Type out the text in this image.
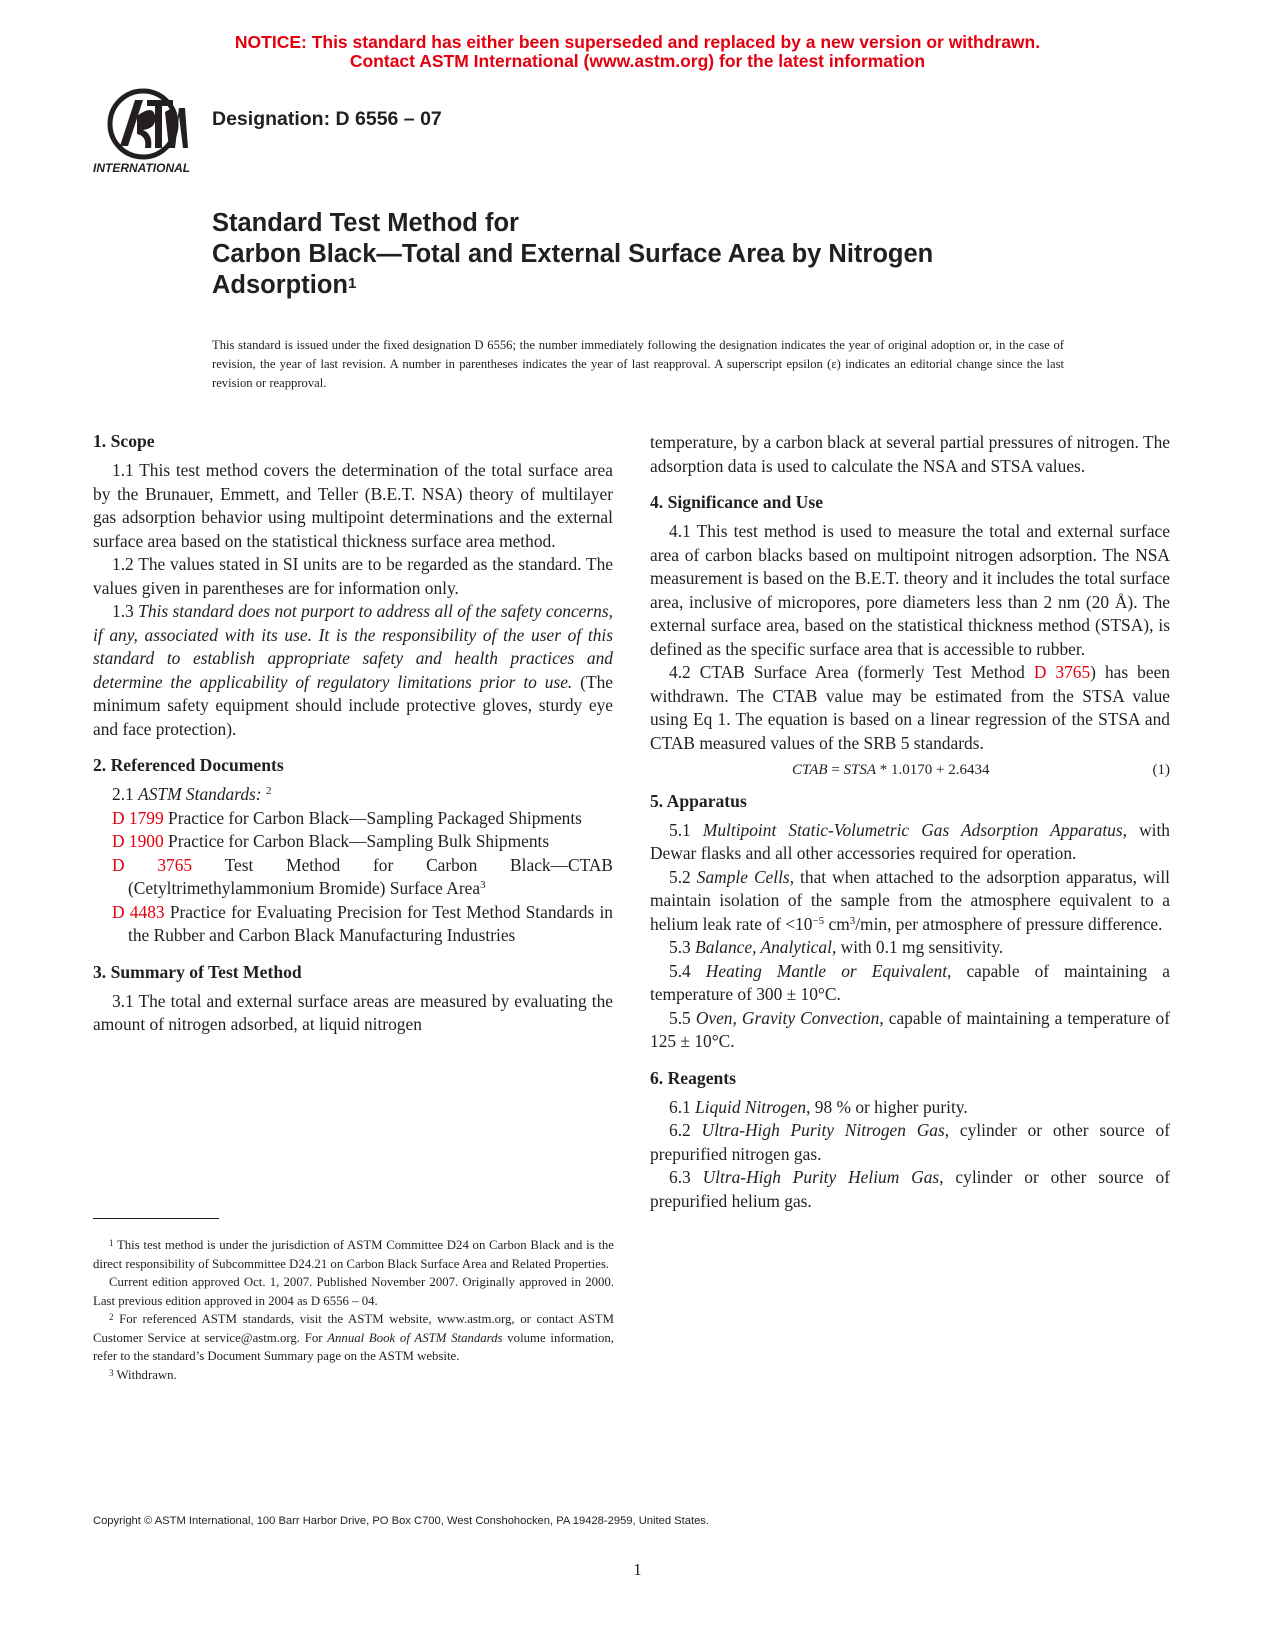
NOTICE: This standard has either been superseded and replaced by a new version or withdrawn.
Contact ASTM International (www.astm.org) for the latest information
INTERNATIONAL
Designation: D 6556 – 07
Standard Test Method for
Carbon Black—Total and External Surface Area by Nitrogen
Adsorption$^1$
This standard is issued under the fixed designation D 6556; the number immediately following the designation indicates the year of original adoption or, in the case of revision, the year of last revision. A number in parentheses indicates the year of last reapproval. A superscript epsilon (ε) indicates an editorial change since the last revision or reapproval.
1. Scope

1.1 This test method covers the determination of the total surface area by the Brunauer, Emmett, and Teller (B.E.T. NSA) theory of multilayer gas adsorption behavior using multipoint determinations and the external surface area based on the statistical thickness surface area method.

1.2 The values stated in SI units are to be regarded as the standard. The values given in parentheses are for information only.

1.3 This standard does not purport to address all of the safety concerns, if any, associated with its use. It is the responsibility of the user of this standard to establish appropriate safety and health practices and determine the applicability of regulatory limitations prior to use. (The minimum safety equipment should include protective gloves, sturdy eye and face protection).

2. Referenced Documents

2.1 ASTM Standards: $^2$

D 1799 Practice for Carbon Black—Sampling Packaged Shipments

D 1900 Practice for Carbon Black—Sampling Bulk Shipments

D 3765 Test Method for Carbon Black—CTAB (Cetyltrimethylammonium Bromide) Surface Area$^3$

D 4483 Practice for Evaluating Precision for Test Method Standards in the Rubber and Carbon Black Manufacturing Industries

3. Summary of Test Method

3.1 The total and external surface areas are measured by evaluating the amount of nitrogen adsorbed, at liquid nitrogen

$^1$ This test method is under the jurisdiction of ASTM Committee D24 on Carbon Black and is the direct responsibility of Subcommittee D24.21 on Carbon Black Surface Area and Related Properties.

Current edition approved Oct. 1, 2007. Published November 2007. Originally approved in 2000. Last previous edition approved in 2004 as D 6556 – 04.

$^2$ For referenced ASTM standards, visit the ASTM website, www.astm.org, or contact ASTM Customer Service at service@astm.org. For Annual Book of ASTM Standards volume information, refer to the standard’s Document Summary page on the ASTM website.

$^3$ Withdrawn.

temperature, by a carbon black at several partial pressures of nitrogen. The adsorption data is used to calculate the NSA and STSA values.

4. Significance and Use

4.1 This test method is used to measure the total and external surface area of carbon blacks based on multipoint nitrogen adsorption. The NSA measurement is based on the B.E.T. theory and it includes the total surface area, inclusive of micropores, pore diameters less than 2 nm (20 Å). The external surface area, based on the statistical thickness method (STSA), is defined as the specific surface area that is accessible to rubber.

4.2 CTAB Surface Area (formerly Test Method D 3765) has been withdrawn. The CTAB value may be estimated from the STSA value using Eq 1. The equation is based on a linear regression of the STSA and CTAB measured values of the SRB 5 standards.

CTAB = STSA * 1.0170 + 2.6434	(1)
5. Apparatus

5.1 Multipoint Static-Volumetric Gas Adsorption Apparatus, with Dewar flasks and all other accessories required for operation.

5.2 Sample Cells, that when attached to the adsorption apparatus, will maintain isolation of the sample from the atmosphere equivalent to a helium leak rate of $<10^{-5}$ $cm^3/\min$, per atmosphere of pressure difference.

5.3 Balance, Analytical, with 0.1 mg sensitivity.

5.4 Heating Mantle or Equivalent, capable of maintaining a temperature of 300 ± 10°C.

5.5 Oven, Gravity Convection, capable of maintaining a temperature of 125 ± 10°C.

6. Reagents

6.1 Liquid Nitrogen, 98 % or higher purity.

6.2 Ultra-High Purity Nitrogen Gas, cylinder or other source of prepurified nitrogen gas.

6.3 Ultra-High Purity Helium Gas, cylinder or other source of prepurified helium gas.

Copyright © ASTM International, 100 Barr Harbor Drive, PO Box C700, West Conshohocken, PA 19428-2959, United States.
1
